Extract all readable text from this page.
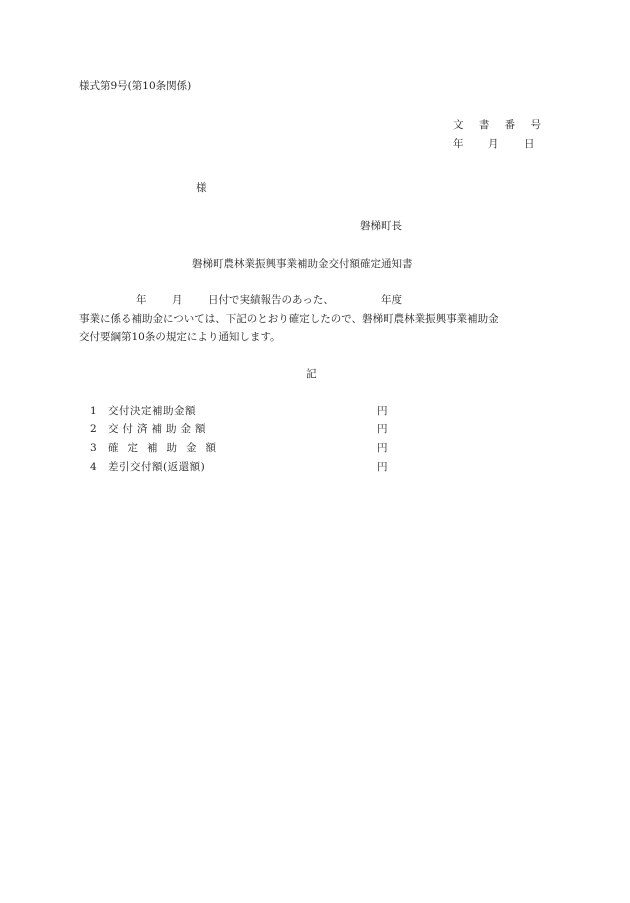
様式第9号(第10条関係)
文 書 番 号
年 月 日
様
磐梯町長
磐梯町農林業振興事業補助金交付額確定通知書
年 月 日付で実績報告のあった、	年度
事業に係る補助金については、下記のとおり確定したので、磐梯町農林業振興事業補助金
交付要綱第10条の規定により通知します。
記
1 交付決定補助金額	円
2 交付済補助金額	円
3 確定補助金額	円
4 差引交付額(返還額)	円
